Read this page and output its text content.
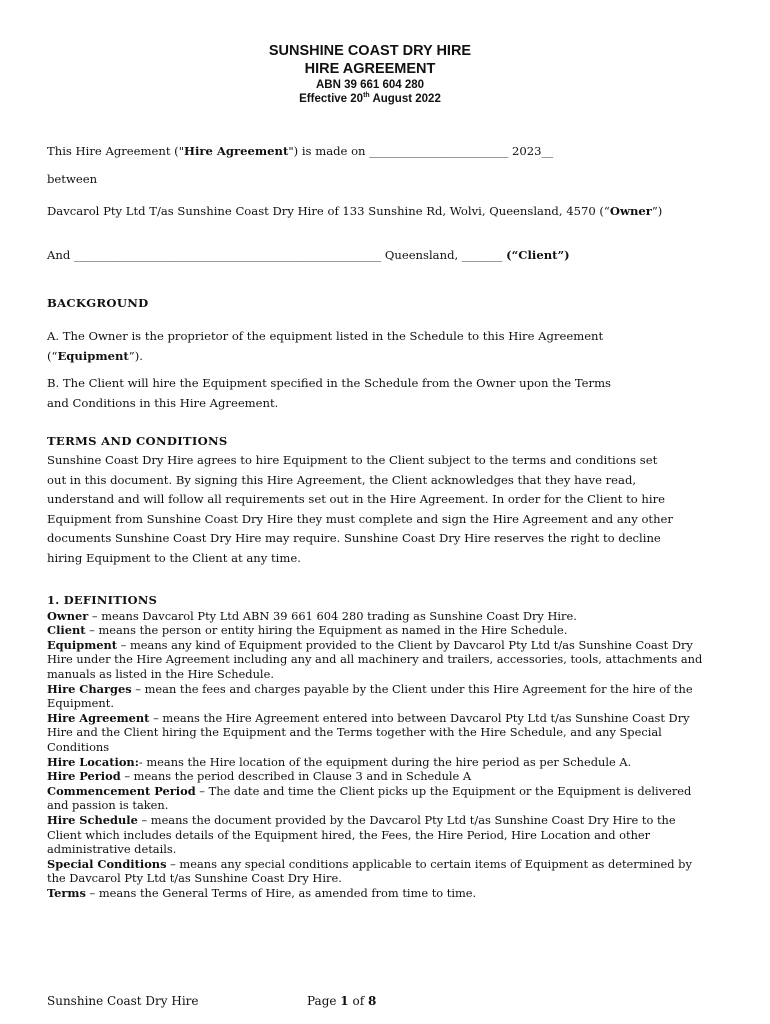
SUNSHINE COAST DRY HIRE
HIRE AGREEMENT
ABN 39 661 604 280
Effective 20th August 2022
This Hire Agreement ("Hire Agreement") is made on ________________________ 2023__
between
Davcarol Pty Ltd T/as Sunshine Coast Dry Hire of 133 Sunshine Rd, Wolvi, Queensland, 4570 (“Owner”)
And _____________________________________________________ Queensland, _______ (“Client”)
BACKGROUND
A. The Owner is the proprietor of the equipment listed in the Schedule to this Hire Agreement (“Equipment”).
B. The Client will hire the Equipment specified in the Schedule from the Owner upon the Terms and Conditions in this Hire Agreement.
TERMS AND CONDITIONS
Sunshine Coast Dry Hire agrees to hire Equipment to the Client subject to the terms and conditions set out in this document. By signing this Hire Agreement, the Client acknowledges that they have read, understand and will follow all requirements set out in the Hire Agreement. In order for the Client to hire Equipment from Sunshine Coast Dry Hire they must complete and sign the Hire Agreement and any other documents Sunshine Coast Dry Hire may require. Sunshine Coast Dry Hire reserves the right to decline hiring Equipment to the Client at any time.
1. DEFINITIONS
Owner – means Davcarol Pty Ltd ABN 39 661 604 280 trading as Sunshine Coast Dry Hire.
Client – means the person or entity hiring the Equipment as named in the Hire Schedule.
Equipment – means any kind of Equipment provided to the Client by Davcarol Pty Ltd t/as Sunshine Coast Dry Hire under the Hire Agreement including any and all machinery and trailers, accessories, tools, attachments and manuals as listed in the Hire Schedule.
Hire Charges – mean the fees and charges payable by the Client under this Hire Agreement for the hire of the Equipment.
Hire Agreement – means the Hire Agreement entered into between Davcarol Pty Ltd t/as Sunshine Coast Dry Hire and the Client hiring the Equipment and the Terms together with the Hire Schedule, and any Special Conditions
Hire Location:- means the Hire location of the equipment during the hire period as per Schedule A.
Hire Period – means the period described in Clause 3 and in Schedule A
Commencement Period – The date and time the Client picks up the Equipment or the Equipment is delivered and passion is taken.
Hire Schedule – means the document provided by the Davcarol Pty Ltd t/as Sunshine Coast Dry Hire to the Client which includes details of the Equipment hired, the Fees, the Hire Period, Hire Location and other administrative details.
Special Conditions – means any special conditions applicable to certain items of Equipment as determined by the Davcarol Pty Ltd t/as Sunshine Coast Dry Hire.
Terms – means the General Terms of Hire, as amended from time to time.
Sunshine Coast Dry Hire	Page 1 of 8
